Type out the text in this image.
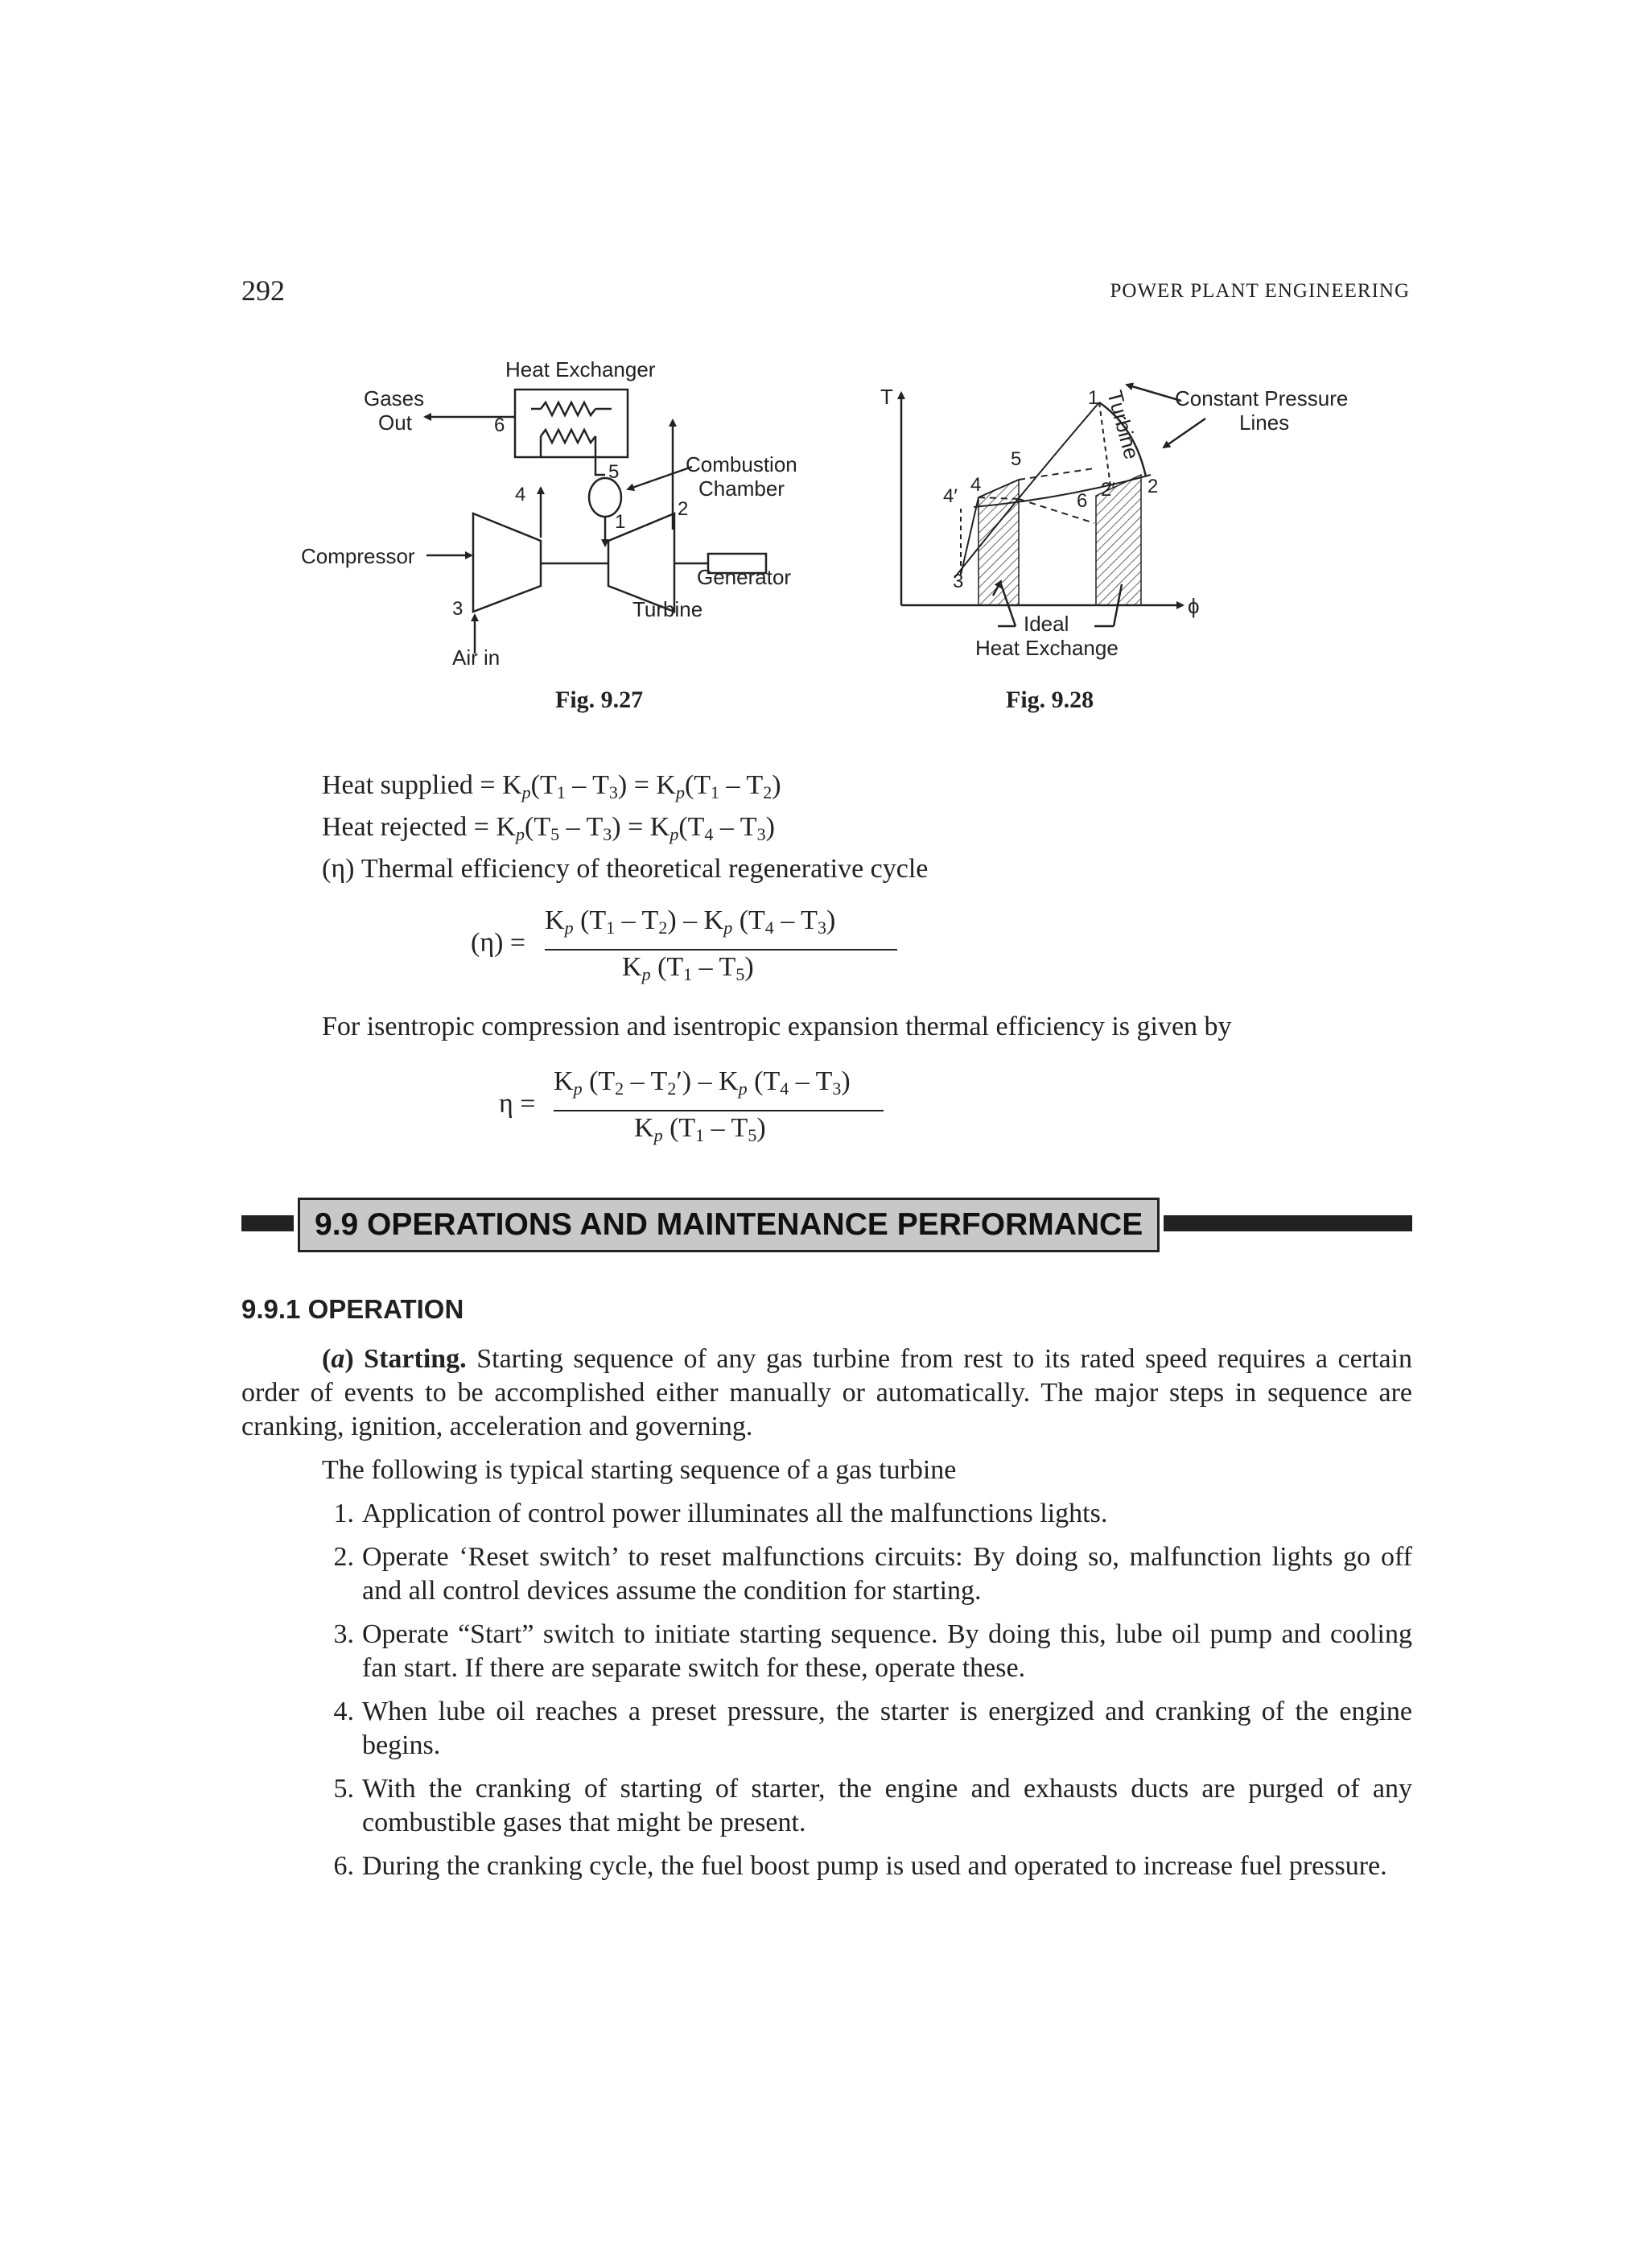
292	POWER PLANT ENGINEERING
Heat Exchanger
Gases
Out
Compressor
Air in
Combustion
Chamber
Generator
Turbine
6
5
4
1
2
3
Fig. 9.27
T
ϕ
Constant Pressure
Lines
Turbine
Ideal
Heat Exchange
1
2
2′
3
4
4′
5
6
Fig. 9.28
Heat supplied = $K_p(T_1 - T_3) = K_p(T_1 - T_2)$
Heat rejected = $K_p(T_5 - T_3) = K_p(T_4 - T_3)$
(η) Thermal efficiency of theoretical regenerative cycle
(η) =
$K_p$ $(T_1 - T_2) - K_p$ $(T_4 - T_3)$
$K_p$ $(T_1 - T_5)$
For isentropic compression and isentropic expansion thermal efficiency is given by
η =
$K_p$ $(T_2 - T_2') - K_p$ $(T_4 - T_3)$
$K_p$ $(T_1 - T_5)$
9.9 OPERATIONS AND MAINTENANCE PERFORMANCE
9.9.1 OPERATION
(a) Starting. Starting sequence of any gas turbine from rest to its rated speed requires a certain
order of events to be accomplished either manually or automatically. The major steps in sequence are
cranking, ignition, acceleration and governing.
The following is typical starting sequence of a gas turbine
1. Application of control power illuminates all the malfunctions lights.
2. Operate ‘Reset switch’ to reset malfunctions circuits: By doing so, malfunction lights go off
and all control devices assume the condition for starting.
3. Operate “Start” switch to initiate starting sequence. By doing this, lube oil pump and cooling
fan start. If there are separate switch for these, operate these.
4. When lube oil reaches a preset pressure, the starter is energized and cranking of the engine
begins.
5. With the cranking of starting of starter, the engine and exhausts ducts are purged of any
combustible gases that might be present.
6. During the cranking cycle, the fuel boost pump is used and operated to increase fuel pressure.
